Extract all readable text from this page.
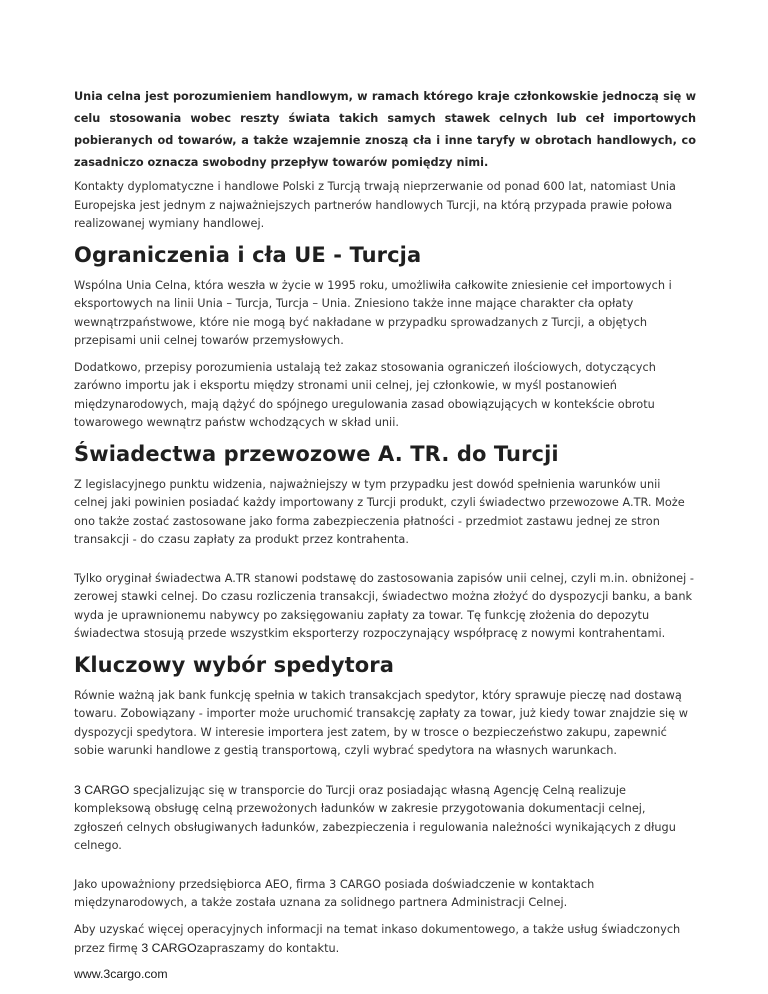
Unia celna jest porozumieniem handlowym, w ramach którego kraje członkowskie jednoczą się w celu stosowania wobec reszty świata takich samych stawek celnych lub ceł importowych pobieranych od towarów, a także wzajemnie znoszą cła i inne taryfy w obrotach handlowych, co zasadniczo oznacza swobodny przepływ towarów pomiędzy nimi.

Kontakty dyplomatyczne i handlowe Polski z Turcją trwają nieprzerwanie od ponad 600 lat, natomiast Unia Europejska jest jednym z najważniejszych partnerów handlowych Turcji, na którą przypada prawie połowa realizowanej wymiany handlowej.

Ograniczenia i cła UE - Turcja

Wspólna Unia Celna, która weszła w życie w 1995 roku, umożliwiła całkowite zniesienie ceł importowych i eksportowych na linii Unia – Turcja, Turcja – Unia. Zniesiono także inne mające charakter cła opłaty wewnątrzpaństwowe, które nie mogą być nakładane w przypadku sprowadzanych z Turcji, a objętych przepisami unii celnej towarów przemysłowych.

Dodatkowo, przepisy porozumienia ustalają też zakaz stosowania ograniczeń ilościowych, dotyczących zarówno importu jak i eksportu między stronami unii celnej, jej członkowie, w myśl postanowień międzynarodowych, mają dążyć do spójnego uregulowania zasad obowiązujących w kontekście obrotu towarowego wewnątrz państw wchodzących w skład unii.

Świadectwa przewozowe A. TR. do Turcji

Z legislacyjnego punktu widzenia, najważniejszy w tym przypadku jest dowód spełnienia warunków unii celnej jaki powinien posiadać każdy importowany z Turcji produkt, czyli świadectwo przewozowe A.TR. Może ono także zostać zastosowane jako forma zabezpieczenia płatności - przedmiot zastawu jednej ze stron transakcji - do czasu zapłaty za produkt przez kontrahenta.

Tylko oryginał świadectwa A.TR stanowi podstawę do zastosowania zapisów unii celnej, czyli m.in. obniżonej - zerowej stawki celnej. Do czasu rozliczenia transakcji, świadectwo można złożyć do dyspozycji banku, a bank wyda je uprawnionemu nabywcy po zaksięgowaniu zapłaty za towar. Tę funkcję złożenia do depozytu świadectwa stosują przede wszystkim eksporterzy rozpoczynający współpracę z nowymi kontrahentami.

Kluczowy wybór spedytora

Równie ważną jak bank funkcję spełnia w takich transakcjach spedytor, który sprawuje pieczę nad dostawą towaru. Zobowiązany - importer może uruchomić transakcję zapłaty za towar, już kiedy towar znajdzie się w dyspozycji spedytora. W interesie importera jest zatem, by w trosce o bezpieczeństwo zakupu, zapewnić sobie warunki handlowe z gestią transportową, czyli wybrać spedytora na własnych warunkach.

3 CARGO specjalizując się w transporcie do Turcji oraz posiadając własną Agencję Celną realizuje kompleksową obsługę celną przewożonych ładunków w zakresie przygotowania dokumentacji celnej, zgłoszeń celnych obsługiwanych ładunków, zabezpieczenia i regulowania należności wynikających z długu celnego.

Jako upoważniony przedsiębiorca AEO, firma 3 CARGO posiada doświadczenie w kontaktach międzynarodowych, a także została uznana za solidnego partnera Administracji Celnej.

Aby uzyskać więcej operacyjnych informacji na temat inkaso dokumentowego, a także usług świadczonych przez firmę 3 CARGOzapraszamy do kontaktu.

www.3cargo.com
